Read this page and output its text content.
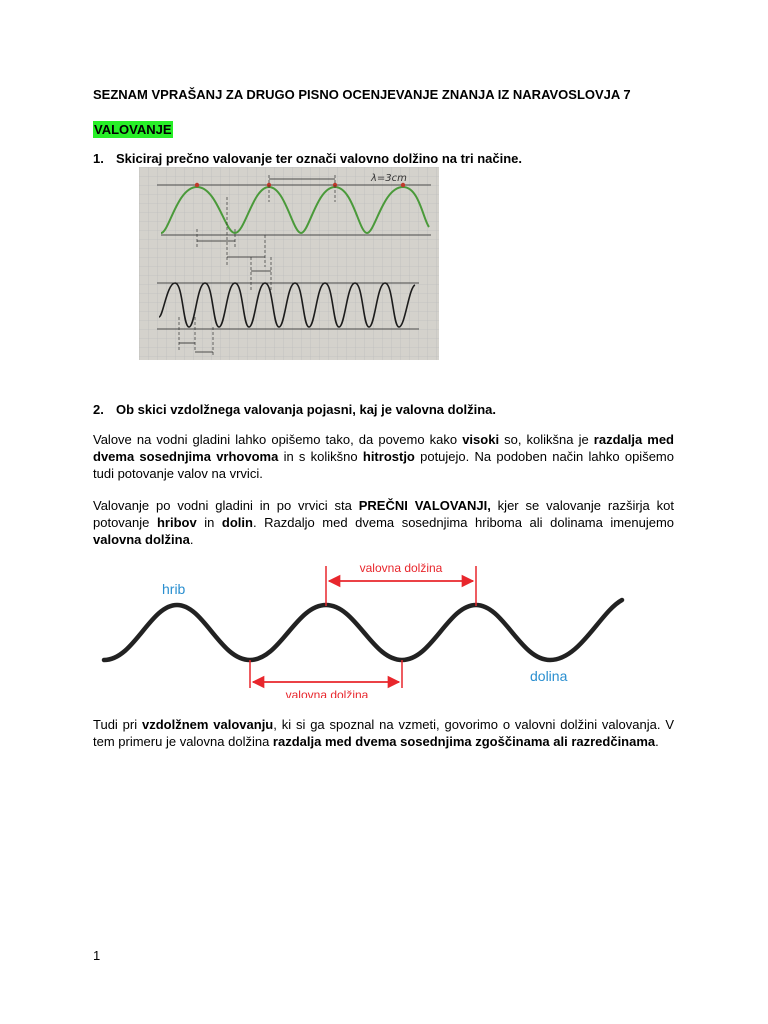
SEZNAM VPRAŠANJ ZA DRUGO PISNO OCENJEVANJE ZNANJA IZ NARAVOSLOVJA 7
VALOVANJE
1. Skiciraj prečno valovanje ter označi valovno dolžino na tri načine.
λ=3cm
2. Ob skici vzdolžnega valovanja pojasni, kaj je valovna dolžina.
Valove na vodni gladini lahko opišemo tako, da povemo kako visoki so, kolikšna je razdalja med dvema sosednjima vrhovoma in s kolikšno hitrostjo potujejo. Na podoben način lahko opišemo tudi potovanje valov na vrvici.
Valovanje po vodni gladini in po vrvici sta PREČNI VALOVANJI, kjer se valovanje razširja kot potovanje hribov in dolin. Razdaljo med dvema sosednjima hriboma ali dolinama imenujemo valovna dolžina.
valovna dolžina
valovna dolžina
hrib
dolina
Tudi pri vzdolžnem valovanju, ki si ga spoznal na vzmeti, govorimo o valovni dolžini valovanja. V tem primeru je valovna dolžina razdalja med dvema sosednjima zgoščinama ali razredčinama.
1
